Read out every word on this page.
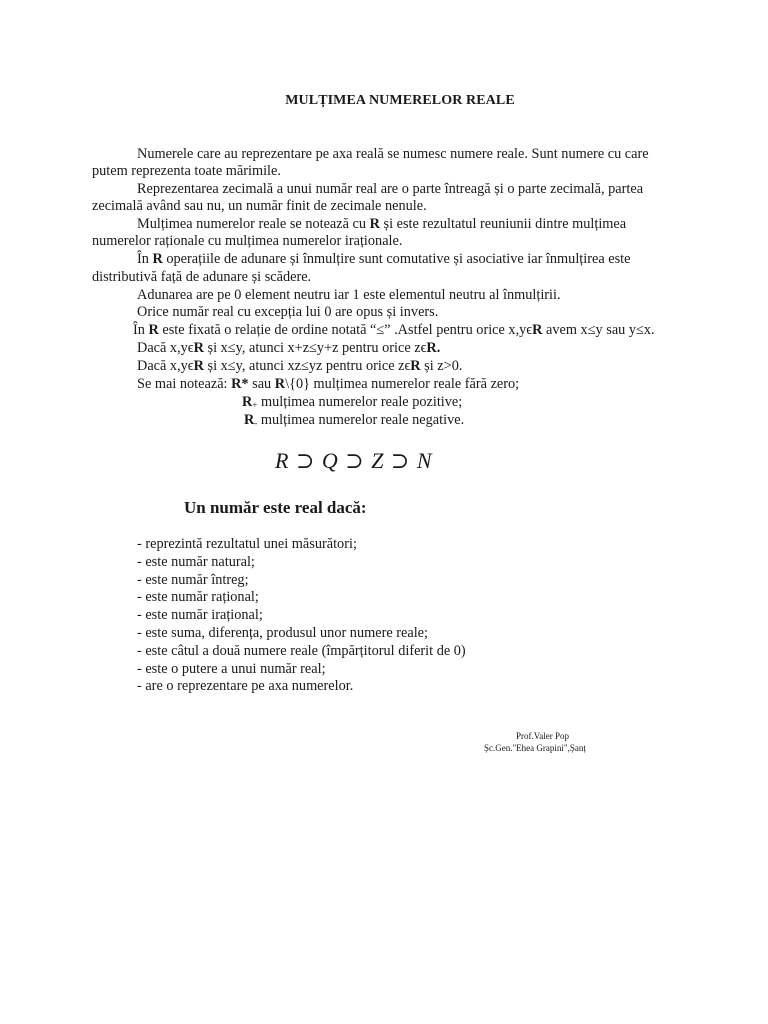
MULȚIMEA NUMERELOR REALE
Numerele care au reprezentare pe axa reală se numesc numere reale. Sunt numere cu care
putem reprezenta toate mărimile.
Reprezentarea zecimală a unui număr real are o parte întreagă și o parte zecimală, partea
zecimală având sau nu, un număr finit de zecimale nenule.
Mulțimea numerelor reale se notează cu R și este rezultatul reuniunii dintre mulțimea
numerelor raționale cu mulțimea numerelor iraționale.
În R operațiile de adunare și înmulțire sunt comutative și asociative iar înmulțirea este
distributivă față de adunare și scădere.
Adunarea are pe 0 element neutru iar 1 este elementul neutru al înmulțirii.
Orice număr real cu excepția lui 0 are opus și invers.
În R este fixată o relație de ordine notată “≤” .Astfel pentru orice x,yϵR avem x≤y sau y≤x.
Dacă x,yϵR și x≤y, atunci x+z≤y+z pentru orice zϵR.
Dacă x,yϵR și x≤y, atunci xz≤yz pentru orice zϵR și z>0.
Se mai notează: R* sau R\{0} mulțimea numerelor reale fără zero;
$R_+$ mulțimea numerelor reale pozitive;
$R_-$ mulțimea numerelor reale negative.
R ⊃ Q ⊃ Z ⊃ N
Un număr este real dacă:
- reprezintă rezultatul unei măsurători;
- este număr natural;
- este număr întreg;
- este număr rațional;
- este număr irațional;
- este suma, diferența, produsul unor numere reale;
- este câtul a două numere reale (împărțitorul diferit de 0)
- este o putere a unui număr real;
- are o reprezentare pe axa numerelor.
Prof.Valer Pop
Șc.Gen."Ehea Grapini",Șanț
